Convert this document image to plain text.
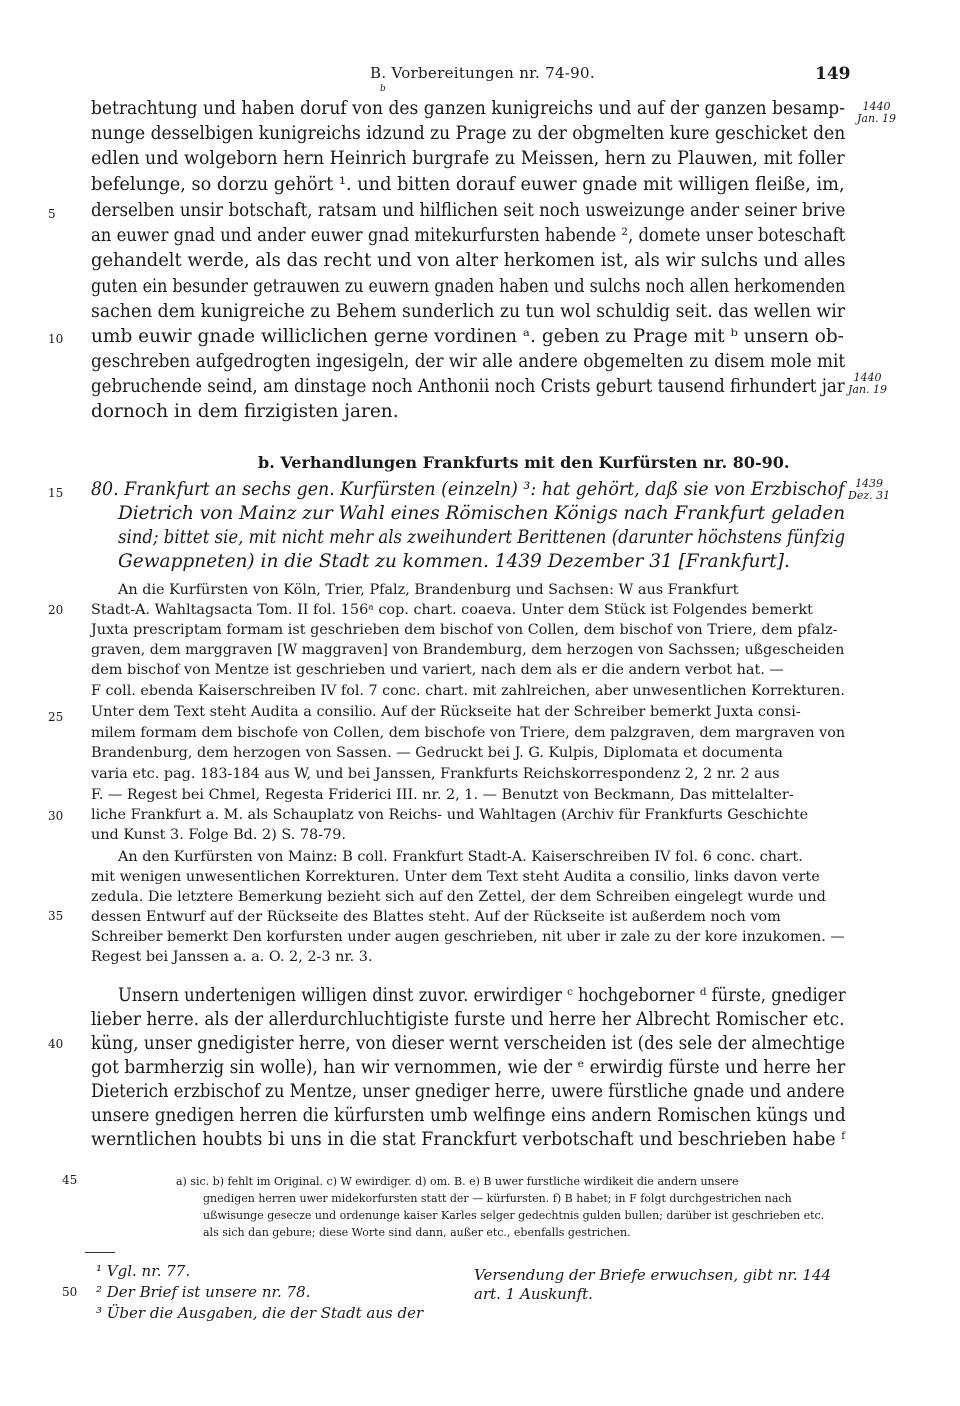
B. Vorbereitungen nr. 74-90.	149
b
betrachtung und haben doruf von des ganzen kunigreichs und auf der ganzen besamp-
nunge desselbigen kunigreichs idzund zu Prage zu der obgmelten kure geschicket den
edlen und wolgeborn hern Heinrich burgrafe zu Meissen, hern zu Plauwen, mit foller
befelunge, so dorzu gehört ¹. und bitten dorauf euwer gnade mit willigen fleiße, im,
derselben unsir botschaft, ratsam und hilflichen seit noch usweizunge ander seiner brive
an euwer gnad und ander euwer gnad mitekurfursten habende ², domete unser boteschaft
gehandelt werde, als das recht und von alter herkomen ist, als wir sulchs und alles
guten ein besunder getrauwen zu euwern gnaden haben und sulchs noch allen herkomenden
sachen dem kunigreiche zu Behem sunderlich zu tun wol schuldig seit. das wellen wir
umb euwir gnade williclichen gerne vordinen ᵃ. geben zu Prage mit ᵇ unsern ob-
geschreben aufgedrogten ingesigeln, der wir alle andere obgemelten zu disem mole mit
gebruchende seind, am dinstage noch Anthonii noch Crists geburt tausend firhundert jar
dornoch in dem firzigisten jaren.
1440
Jan. 19
1440
Jan. 19
1439
Dez. 31
5
10
15
20
25
30
35
40
45
50
b. Verhandlungen Frankfurts mit den Kurfürsten nr. 80-90.
80. Frankfurt an sechs gen. Kurfürsten (einzeln) ³: hat gehört, daß sie von Erzbischof
Dietrich von Mainz zur Wahl eines Römischen Königs nach Frankfurt geladen
sind; bittet sie, mit nicht mehr als zweihundert Berittenen (darunter höchstens fünfzig
Gewappneten) in die Stadt zu kommen. 1439 Dezember 31 [Frankfurt].
An die Kurfürsten von Köln, Trier, Pfalz, Brandenburg und Sachsen: W aus Frankfurt
Stadt-A. Wahltagsacta Tom. II fol. 156ᵃ cop. chart. coaeva. Unter dem Stück ist Folgendes bemerkt
Juxta prescriptam formam ist geschrieben dem bischof von Collen, dem bischof von Triere, dem pfalz-
graven, dem marggraven [W maggraven] von Brandemburg, dem herzogen von Sachssen; ußgescheiden
dem bischof von Mentze ist geschrieben und variert, nach dem als er die andern verbot hat. —
F coll. ebenda Kaiserschreiben IV fol. 7 conc. chart. mit zahlreichen, aber unwesentlichen Korrekturen.
Unter dem Text steht Audita a consilio. Auf der Rückseite hat der Schreiber bemerkt Juxta consi-
milem formam dem bischofe von Collen, dem bischofe von Triere, dem palzgraven, dem margraven von
Brandenburg, dem herzogen von Sassen. — Gedruckt bei J. G. Kulpis, Diplomata et documenta
varia etc. pag. 183-184 aus W, und bei Janssen, Frankfurts Reichskorrespondenz 2, 2 nr. 2 aus
F. — Regest bei Chmel, Regesta Friderici III. nr. 2, 1. — Benutzt von Beckmann, Das mittelalter-
liche Frankfurt a. M. als Schauplatz von Reichs- und Wahltagen (Archiv für Frankfurts Geschichte
und Kunst 3. Folge Bd. 2) S. 78-79.
An den Kurfürsten von Mainz: B coll. Frankfurt Stadt-A. Kaiserschreiben IV fol. 6 conc. chart.
mit wenigen unwesentlichen Korrekturen. Unter dem Text steht Audita a consilio, links davon verte
zedula. Die letztere Bemerkung bezieht sich auf den Zettel, der dem Schreiben eingelegt wurde und
dessen Entwurf auf der Rückseite des Blattes steht. Auf der Rückseite ist außerdem noch vom
Schreiber bemerkt Den korfursten under augen geschrieben, nit uber ir zale zu der kore inzukomen. —
Regest bei Janssen a. a. O. 2, 2-3 nr. 3.
Unsern undertenigen willigen dinst zuvor. erwirdiger ᶜ hochgeborner ᵈ fürste, gnediger
lieber herre. als der allerdurchluchtigiste furste und herre her Albrecht Romischer etc.
küng, unser gnedigister herre, von dieser wernt verscheiden ist (des sele der almechtige
got barmherzig sin wolle), han wir vernommen, wie der ᵉ erwirdig fürste und herre her
Dieterich erzbischof zu Mentze, unser gnediger herre, uwere fürstliche gnade und andere
unsere gnedigen herren die kürfursten umb welfinge eins andern Romischen küngs und
werntlichen houbts bi uns in die stat Franckfurt verbotschaft und beschrieben habe ᶠ
a) sic. b) fehlt im Original. c) W ewirdiger. d) om. B. e) B uwer furstliche wirdikeit die andern unsere
gnedigen herren uwer midekorfursten statt der — kürfursten. f) B habet; in F folgt durchgestrichen nach
ußwisunge gesecze und ordenunge kaiser Karles selger gedechtnis gulden bullen; darüber ist geschrieben etc.
als sich dan gebure; diese Worte sind dann, außer etc., ebenfalls gestrichen.
¹ Vgl. nr. 77.
² Der Brief ist unsere nr. 78.
³ Über die Ausgaben, die der Stadt aus der
Versendung der Briefe erwuchsen, gibt nr. 144
art. 1 Auskunft.
